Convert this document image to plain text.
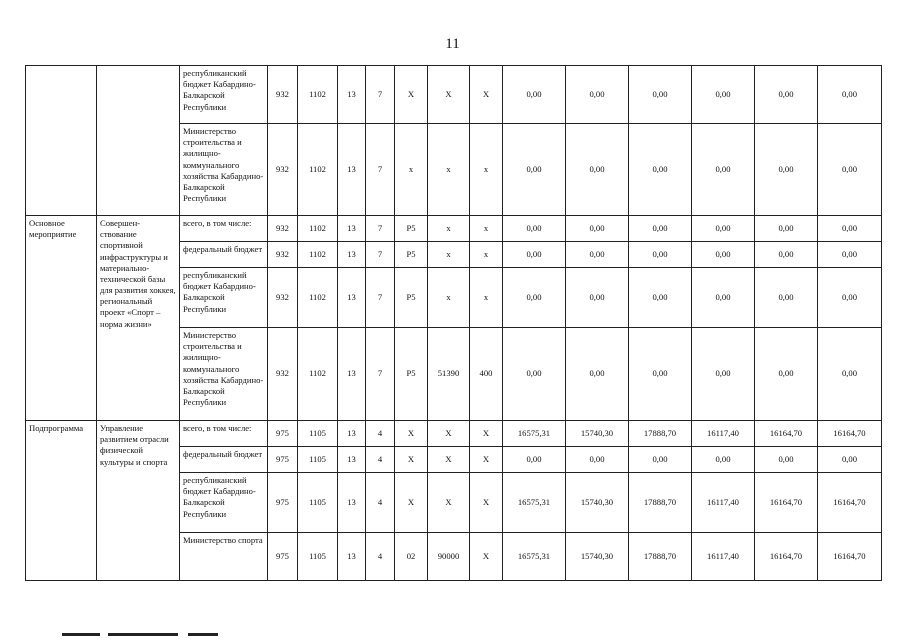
11
		республиканский бюджет Кабардино-Балкарской Республики	932	1102	13	7	Х	Х	Х	0,00	0,00	0,00	0,00	0,00	0,00
		Министерство строительства и жилищно-коммунального хозяйства Кабардино-Балкарской Республики	932	1102	13	7	х	х	х	0,00	0,00	0,00	0,00	0,00	0,00
Основное мероприятие	Совершен-ствование спортивной инфраструктуры и материально-технической базы для развития хоккея, региональный проект «Спорт – норма жизни»	всего, в том числе:	932	1102	13	7	Р5	х	х	0,00	0,00	0,00	0,00	0,00	0,00
		федеральный бюджет	932	1102	13	7	Р5	х	х	0,00	0,00	0,00	0,00	0,00	0,00
		республиканский бюджет Кабардино-Балкарской Республики	932	1102	13	7	Р5	х	х	0,00	0,00	0,00	0,00	0,00	0,00
		Министерство строительства и жилищно-коммунального хозяйства Кабардино-Балкарской Республики	932	1102	13	7	Р5	51390	400	0,00	0,00	0,00	0,00	0,00	0,00
Подпрограмма	Управление развитием отрасли физической культуры и спорта	всего, в том числе:	975	1105	13	4	Х	Х	Х	16575,31	15740,30	17888,70	16117,40	16164,70	16164,70
		федеральный бюджет	975	1105	13	4	Х	Х	Х	0,00	0,00	0,00	0,00	0,00	0,00
		республиканский бюджет Кабардино-Балкарской Республики	975	1105	13	4	Х	Х	Х	16575,31	15740,30	17888,70	16117,40	16164,70	16164,70
		Министерство спорта	975	1105	13	4	02	90000	Х	16575,31	15740,30	17888,70	16117,40	16164,70	16164,70
